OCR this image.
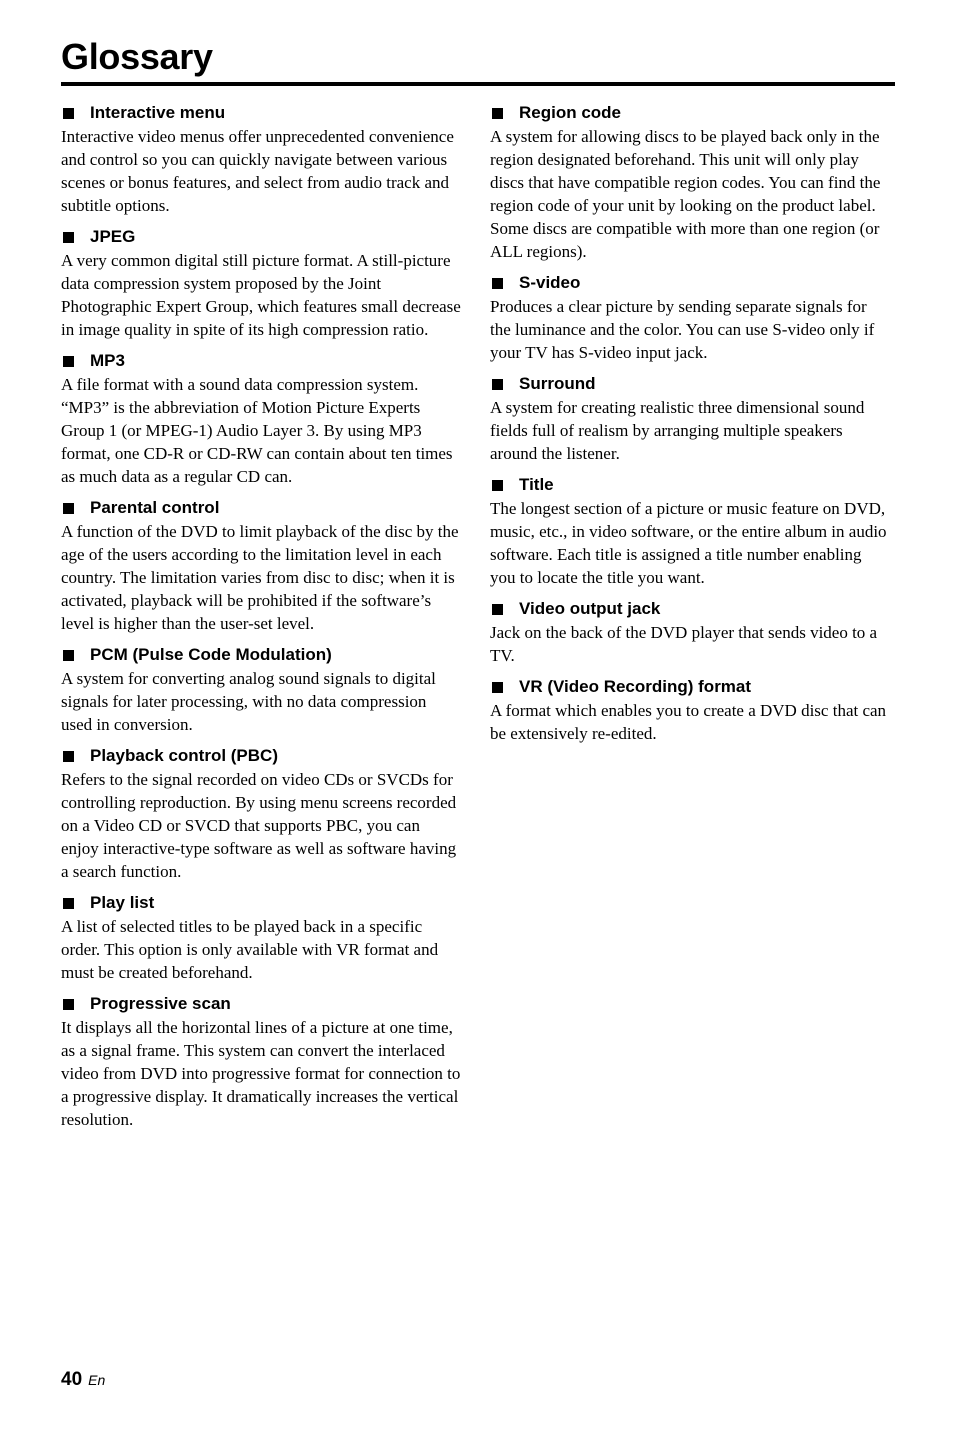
Glossary
Interactive menu

Interactive video menus offer unprecedented convenience and control so you can quickly navigate between various scenes or bonus features, and select from audio track and subtitle options.

JPEG

A very common digital still picture format. A still-picture data compression system proposed by the Joint Photographic Expert Group, which features small decrease in image quality in spite of its high compression ratio.

MP3

A file format with a sound data compression system. “MP3” is the abbreviation of Motion Picture Experts Group 1 (or MPEG-1) Audio Layer 3. By using MP3 format, one CD-R or CD-RW can contain about ten times as much data as a regular CD can.

Parental control

A function of the DVD to limit playback of the disc by the age of the users according to the limitation level in each country. The limitation varies from disc to disc; when it is activated, playback will be prohibited if the software’s level is higher than the user-set level.

PCM (Pulse Code Modulation)

A system for converting analog sound signals to digital signals for later processing, with no data compression used in conversion.

Playback control (PBC)

Refers to the signal recorded on video CDs or SVCDs for controlling reproduction. By using menu screens recorded on a Video CD or SVCD that supports PBC, you can enjoy interactive-type software as well as software having a search function.

Play list

A list of selected titles to be played back in a specific order. This option is only available with VR format and must be created beforehand.

Progressive scan

It displays all the horizontal lines of a picture at one time, as a signal frame. This system can convert the interlaced video from DVD into progressive format for connection to a progressive display. It dramatically increases the vertical resolution.

Region code

A system for allowing discs to be played back only in the region designated beforehand. This unit will only play discs that have compatible region codes. You can find the region code of your unit by looking on the product label. Some discs are compatible with more than one region (or ALL regions).

S-video

Produces a clear picture by sending separate signals for the luminance and the color. You can use S-video only if your TV has S-video input jack.

Surround

A system for creating realistic three dimensional sound fields full of realism by arranging multiple speakers around the listener.

Title

The longest section of a picture or music feature on DVD, music, etc., in video software, or the entire album in audio software. Each title is assigned a title number enabling you to locate the title you want.

Video output jack

Jack on the back of the DVD player that sends video to a TV.

VR (Video Recording) format

A format which enables you to create a DVD disc that can be extensively re-edited.

40 En
